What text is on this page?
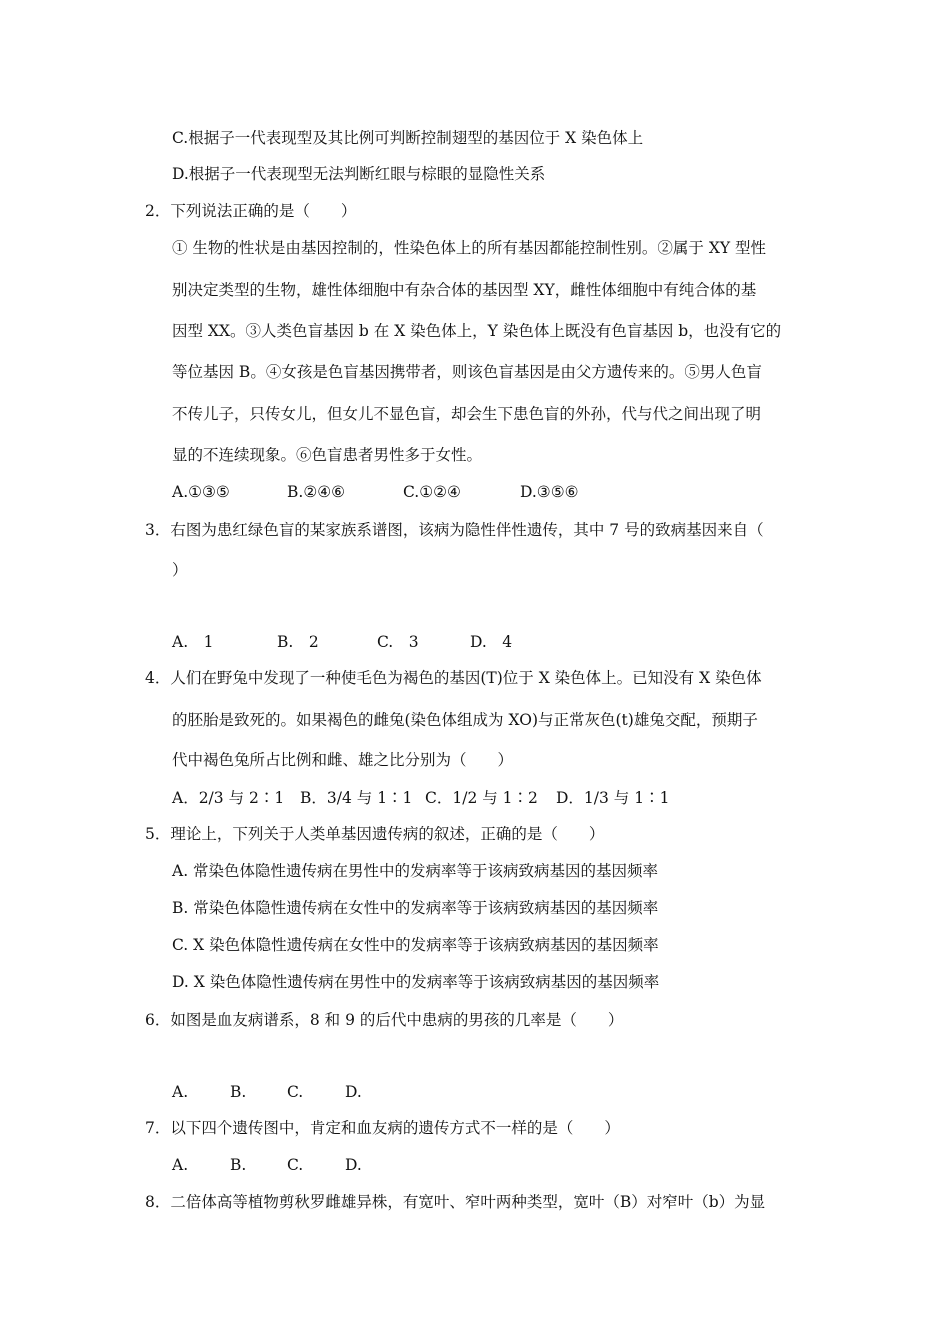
C.根据子一代表现型及其比例可判断控制翅型的基因位于 X 染色体上
D.根据子一代表现型无法判断红眼与棕眼的显隐性关系
2．下列说法正确的是（　　）
① 生物的性状是由基因控制的，性染色体上的所有基因都能控制性别。②属于 XY 型性
别决定类型的生物，雄性体细胞中有杂合体的基因型 XY，雌性体细胞中有纯合体的基
因型 XX。③人类色盲基因 b 在 X 染色体上，Y 染色体上既没有色盲基因 b，也没有它的
等位基因 B。④女孩是色盲基因携带者，则该色盲基因是由父方遗传来的。⑤男人色盲
不传儿子，只传女儿，但女儿不显色盲，却会生下患色盲的外孙，代与代之间出现了明
显的不连续现象。⑥色盲患者男性多于女性。
A.①③⑤	B.②④⑥	C.①②④	D.③⑤⑥
3．右图为患红绿色盲的某家族系谱图，该病为隐性伴性遗传，其中 7 号的致病基因来自（
）
A.　1	B.　2	C.　3	D.　4
4．人们在野兔中发现了一种使毛色为褐色的基因(T)位于 X 染色体上。已知没有 X 染色体
的胚胎是致死的。如果褐色的雌兔(染色体组成为 XO)与正常灰色(t)雄兔交配，预期子
代中褐色兔所占比例和雌、雄之比分别为（　　）
A．2/3 与 2∶1 B．3/4 与 1∶1 C．1/2 与 1∶2 D．1/3 与 1∶1
5．理论上，下列关于人类单基因遗传病的叙述，正确的是（　　）
A. 常染色体隐性遗传病在男性中的发病率等于该病致病基因的基因频率
B. 常染色体隐性遗传病在女性中的发病率等于该病致病基因的基因频率
C. X 染色体隐性遗传病在女性中的发病率等于该病致病基因的基因频率
D. X 染色体隐性遗传病在男性中的发病率等于该病致病基因的基因频率
6．如图是血友病谱系，8 和 9 的后代中患病的男孩的几率是（　　）
A.	B.	C.	D.
7．以下四个遗传图中，肯定和血友病的遗传方式不一样的是（　　）
A.	B.	C.	D.
8．二倍体高等植物剪秋罗雌雄异株，有宽叶、窄叶两种类型，宽叶（B）对窄叶（b）为显
